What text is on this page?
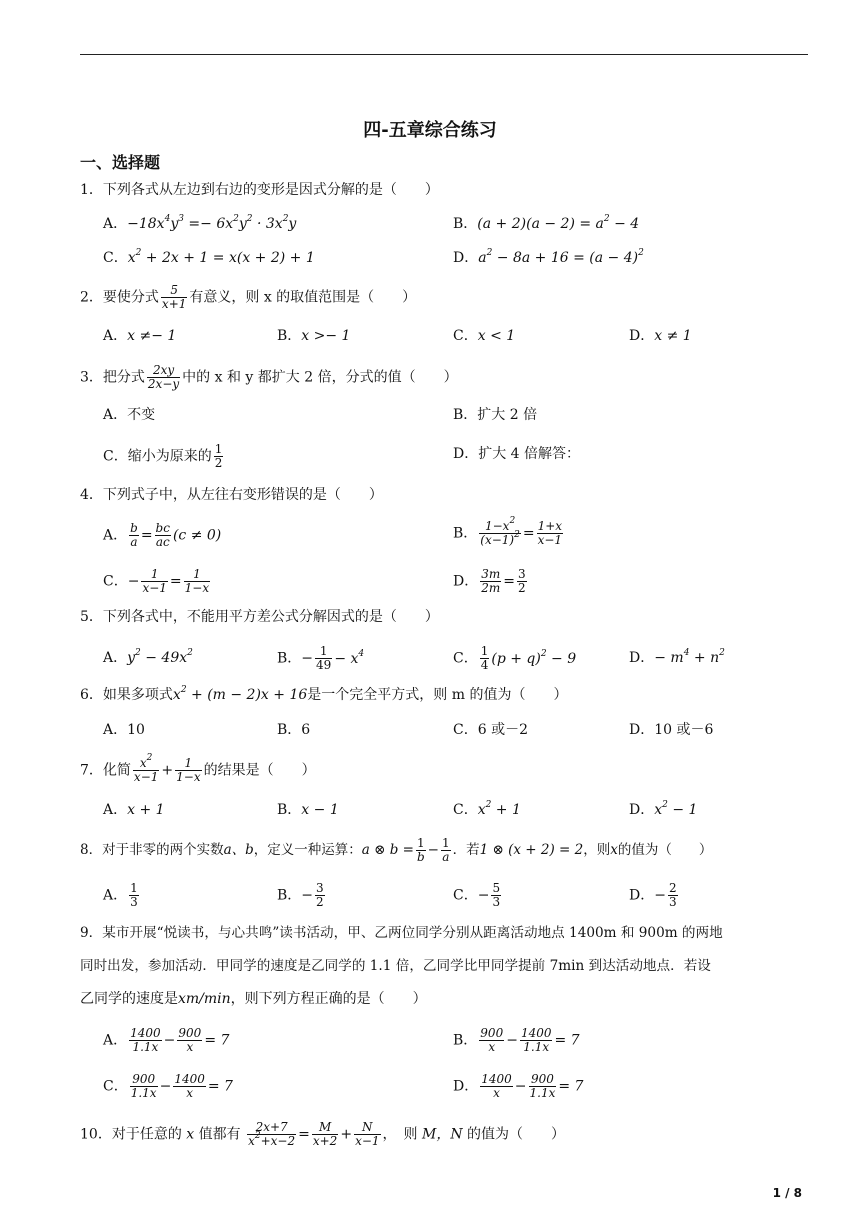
四-五章综合练习
一、选择题
1．下列各式从左边到右边的变形是因式分解的是（　　）
A．$-18x^4y^3 =- 6x^2y^2 \cdot 3x^2y$	B．$(a + 2)(a - 2) = a^2 - 4$
C．$x^2 + 2x + 1 = x(x + 2) + 1$	D．$a^2 - 8a + 16 = (a - 4)^2$
2．要使分式 $\frac{5}{x+1}$ 有意义，则 x 的取值范围是（　　）
A．x ≠− 1	B．x >− 1	C．x < 1	D．x ≠ 1
3．把分式 $\frac{2xy}{2x-y}$ 中的 x 和 y 都扩大 2 倍，分式的值（　　）
A．不变	B．扩大 2 倍
C．缩小为原来的 $\frac{1}{2}$	D．扩大 4 倍解答：
4．下列式子中，从左往右变形错误的是（　　）
A． $\frac{b}{a} = \frac{bc}{ac} (c \ne 0)$	B． $\frac{1-x^2}{(x-1)^2} = \frac{1+x}{x-1}$
C．− $\frac{1}{x-1} = \frac{1}{1-x}$	D． $\frac{3m}{2m} = \frac{3}{2}$
5．下列各式中，不能用平方差公式分解因式的是（　　）
A．$y^2 - 49x^2$	B．− $\frac{1}{49} - x^4$	C． $\frac{1}{4} (p + q)^2 - 9$	D．− $m^4 + n^2$
6．如果多项式$x^2 + (m - 2)x + 16$是一个完全平方式，则 m 的值为（　　）
A．10	B．6	C．6 或－2	D．10 或－6
7．化简 $\frac{x^2}{x-1} + \frac{1}{1-x}$ 的结果是（　　）
A．x + 1	B．x − 1	C．$x^2 + 1$	D．$x^2 - 1$
8．对于非零的两个实数a、b，定义一种运算：a ⊗ $b = \frac{1}{b} - \frac{1}{a}$ ．若1 ⊗ (x + 2) = 2，则x的值为（　　）
A． $\frac{1}{3}$	B．− $\frac{3}{2}$	C．− $\frac{5}{3}$	D．− $\frac{2}{3}$
9．某市开展“悦读书，与心共鸣”读书活动，甲、乙两位同学分别从距离活动地点 1400m 和 900m 的两地
同时出发，参加活动．甲同学的速度是乙同学的 1.1 倍，乙同学比甲同学提前 7min 到达活动地点．若设
乙同学的速度是xm/min，则下列方程正确的是（　　）
A． $\frac{1400}{1.1x} - \frac{900}{x} = 7$	B． $\frac{900}{x} - \frac{1400}{1.1x} = 7$
C． $\frac{900}{1.1x} - \frac{1400}{x} = 7$	D． $\frac{1400}{x} - \frac{900}{1.1x} = 7$
10．对于任意的 x 值都有 $\frac{2x+7}{x^2+x-2} = \frac{M}{x+2} + \frac{N}{x-1}$ ，　则 M，N 的值为（　　）
1 / 8
